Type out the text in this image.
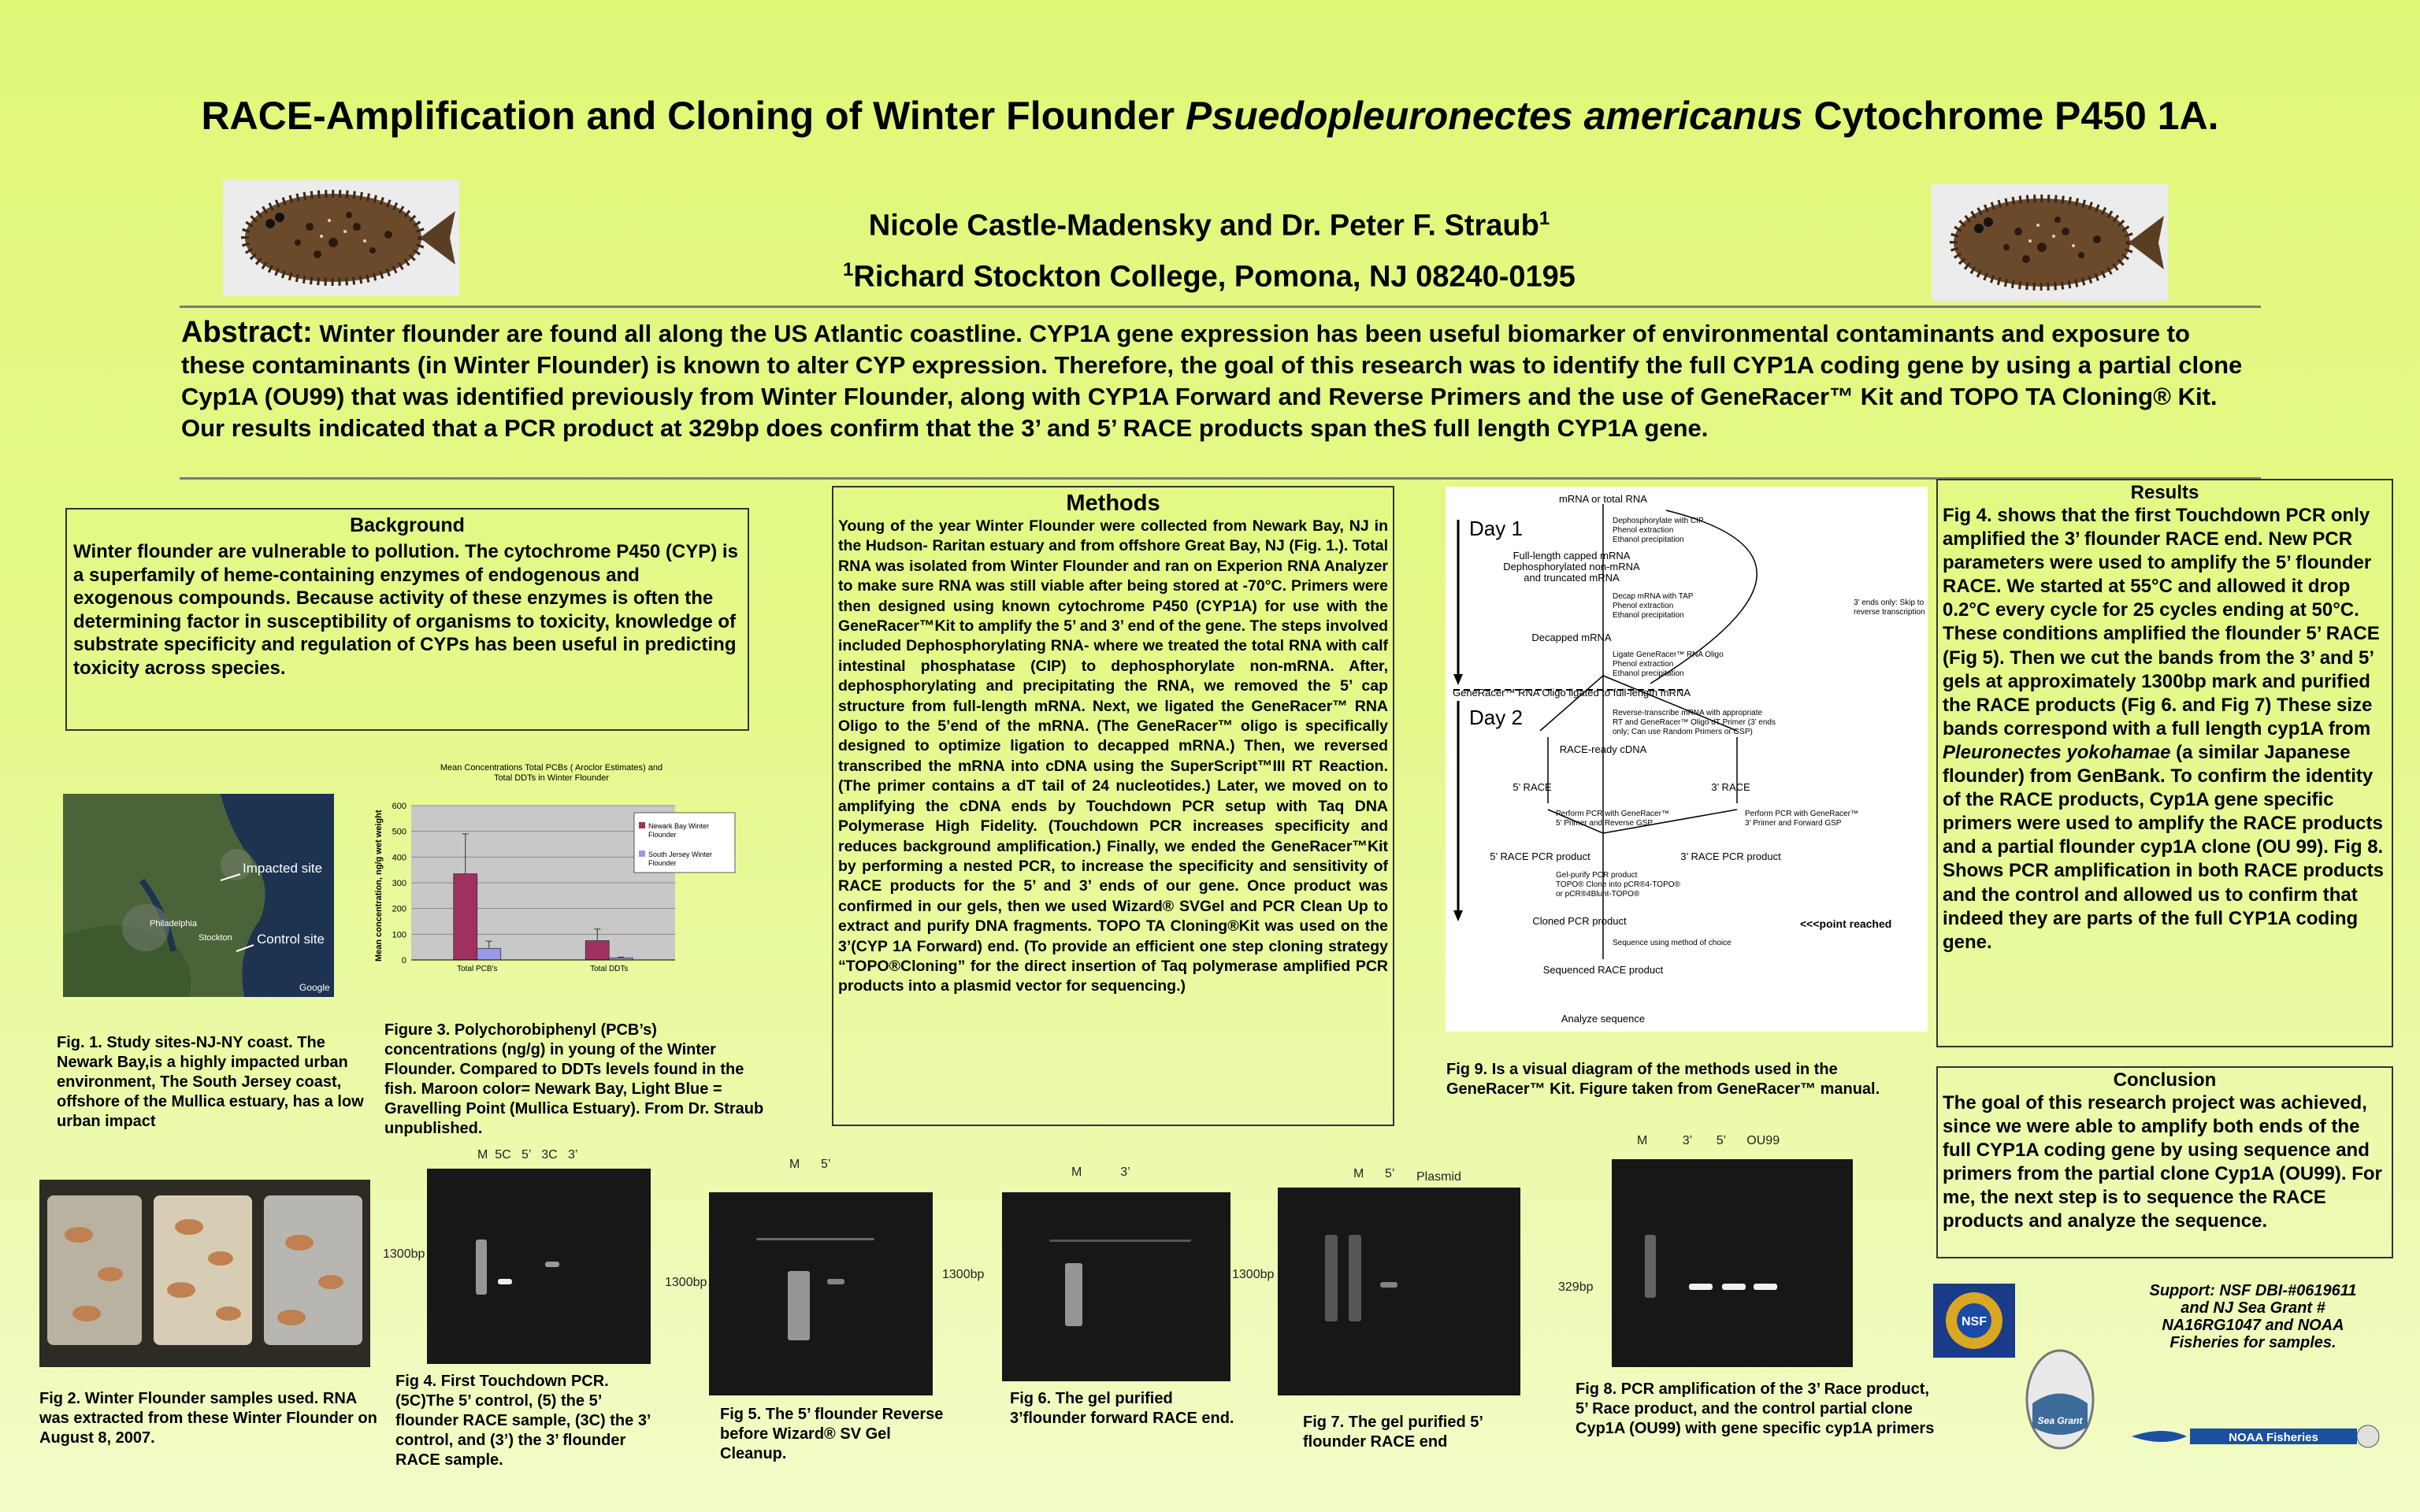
RACE-Amplification and Cloning of Winter Flounder Psuedopleuronectes americanus Cytochrome P450 1A.
Nicole Castle-Madensky and Dr. Peter F. Straub$^1$
$^1$Richard Stockton College, Pomona, NJ 08240-0195
Abstract: Winter flounder are found all along the US Atlantic coastline. CYP1A gene expression has been useful biomarker of environmental contaminants and exposure to these contaminants (in Winter Flounder) is known to alter CYP expression. Therefore, the goal of this research was to identify the full CYP1A coding gene by using a partial clone Cyp1A (OU99) that was identified previously from Winter Flounder, along with CYP1A Forward and Reverse Primers and the use of GeneRacer™ Kit and TOPO TA Cloning® Kit. Our results indicated that a PCR product at 329bp does confirm that the 3’ and 5’ RACE products span theS full length CYP1A gene.
Background
Winter flounder are vulnerable to pollution. The cytochrome P450 (CYP) is a superfamily of heme-containing enzymes of endogenous and exogenous compounds. Because activity of these enzymes is often the determining factor in susceptibility of organisms to toxicity, knowledge of substrate specificity and regulation of CYPs has been useful in predicting toxicity across species.
Methods
Young of the year Winter Flounder were collected from Newark Bay, NJ in the Hudson- Raritan estuary and from offshore Great Bay, NJ (Fig. 1.). Total RNA was isolated from Winter Flounder and ran on Experion RNA Analyzer to make sure RNA was still viable after being stored at -70°C. Primers were then designed using known cytochrome P450 (CYP1A) for use with the GeneRacer™Kit to amplify the 5’ and 3’ end of the gene. The steps involved included Dephosphorylating RNA- where we treated the total RNA with calf intestinal phosphatase (CIP) to dephosphorylate non-mRNA. After, dephosphorylating and precipitating the RNA, we removed the 5’ cap structure from full-length mRNA. Next, we ligated the GeneRacer™ RNA Oligo to the 5’end of the mRNA. (The GeneRacer™ oligo is specifically designed to optimize ligation to decapped mRNA.) Then, we reversed transcribed the mRNA into cDNA using the SuperScript™III RT Reaction. (The primer contains a dT tail of 24 nucleotides.) Later, we moved on to amplifying the cDNA ends by Touchdown PCR setup with Taq DNA Polymerase High Fidelity. (Touchdown PCR increases specificity and reduces background amplification.) Finally, we ended the GeneRacer™Kit by performing a nested PCR, to increase the specificity and sensitivity of RACE products for the 5’ and 3’ ends of our gene. Once product was confirmed in our gels, then we used Wizard® SVGel and PCR Clean Up to extract and purify DNA fragments. TOPO TA Cloning®Kit was used on the 3’(CYP 1A Forward) end. (To provide an efficient one step cloning strategy “TOPO®Cloning” for the direct insertion of Taq polymerase amplified PCR products into a plasmid vector for sequencing.)
Day 1
Day 2
mRNA or total RNA
Full-length capped mRNA
Dephosphorylated non-mRNA
and truncated mRNA
Decapped mRNA
GeneRacer™ RNA Oligo ligated to full-length mRNA
RACE-ready cDNA
5’ RACE	3’ RACE
5’ RACE PCR product	3’ RACE PCR product
Cloned PCR product
Sequenced RACE product
Analyze sequence
Dephosphorylate with CIP
Phenol extraction
Ethanol precipitation
Decap mRNA with TAP
Phenol extraction
Ethanol precipitation
Ligate GeneRacer™ RNA Oligo
Phenol extraction
Ethanol precipitation
Reverse-transcribe mRNA with appropriate
RT and GeneRacer™ Oligo dT Primer (3’ ends
only; Can use Random Primers or GSP)
Perform PCR with GeneRacer™
5’ Primer and Reverse GSP
Perform PCR with GeneRacer™
3’ Primer and Forward GSP
Gel-purify PCR product
TOPO® Clone into pCR®4-TOPO®
or pCR®4Blunt-TOPO®
Sequence using method of choice
3’ ends only: Skip to
reverse transcription
<<<point reached
Results
Fig 4. shows that the first Touchdown PCR only amplified the 3’ flounder RACE end. New PCR parameters were used to amplify the 5’ flounder RACE. We started at 55°C and allowed it drop 0.2°C every cycle for 25 cycles ending at 50°C. These conditions amplified the flounder 5’ RACE (Fig 5). Then we cut the bands from the 3’ and 5’ gels at approximately 1300bp mark and purified the RACE products (Fig 6. and Fig 7) These size bands correspond with a full length cyp1A from Pleuronectes yokohamae (a similar Japanese flounder) from GenBank. To confirm the identity of the RACE products, Cyp1A gene specific primers were used to amplify the RACE products and a partial flounder cyp1A clone (OU 99). Fig 8. Shows PCR amplification in both RACE products and the control and allowed us to confirm that indeed they are parts of the full CYP1A coding gene.
Conclusion
The goal of this research project was achieved, since we were able to amplify both ends of the full CYP1A coding gene by using sequence and primers from the partial clone Cyp1A (OU99). For me, the next step is to sequence the RACE products and analyze the sequence.
Impacted site
Control site
Philadelphia
Stockton
Google
Fig. 1. Study sites-NJ-NY coast. The Newark Bay,is a highly impacted urban environment, The South Jersey coast, offshore of the Mullica estuary, has a low urban impact
Mean Concentrations Total PCBs ( Aroclor Estimates) and
Total DDTs in Winter Flounder
0
100
200
300
400
500
600
Total PCB's	Total DDTs
Mean concentration, ng/g wet weight	Newark Bay Winter
Flounder
South Jersey Winter
Flounder
Figure 3. Polychorobiphenyl (PCB’s) concentrations (ng/g) in young of the Winter Flounder. Compared to DDTs levels found in the fish. Maroon color= Newark Bay, Light Blue = Gravelling Point (Mullica Estuary). From Dr. Straub unpublished.
Fig 9. Is a visual diagram of the methods used in the GeneRacer™ Kit. Figure taken from GeneRacer™ manual.
Fig 2. Winter Flounder samples used. RNA was extracted from these Winter Flounder on August 8, 2007.
M  5C   5’   3C   3’
1300bp
Fig 4. First Touchdown PCR. (5C)The 5’ control, (5) the 5’ flounder RACE sample, (3C) the 3’ control, and (3’) the 3’ flounder RACE sample.
M      5’
1300bp
Fig 5. The 5’ flounder Reverse before Wizard® SV Gel Cleanup.
M           3’
1300bp
Fig 6. The gel purified 3’flounder forward RACE end.
M      5’ Plasmid
1300bp
Fig 7. The gel purified 5’ flounder RACE end
M          3’       5’      OU99
329bp
Fig 8. PCR amplification of the 3’ Race product, 5’ Race product, and the control partial clone Cyp1A (OU99) with gene specific cyp1A primers
NSF
Sea Grant
NOAA Fisheries
Support: NSF DBI-#0619611 and NJ Sea Grant # NA16RG1047 and NOAA Fisheries for samples.
